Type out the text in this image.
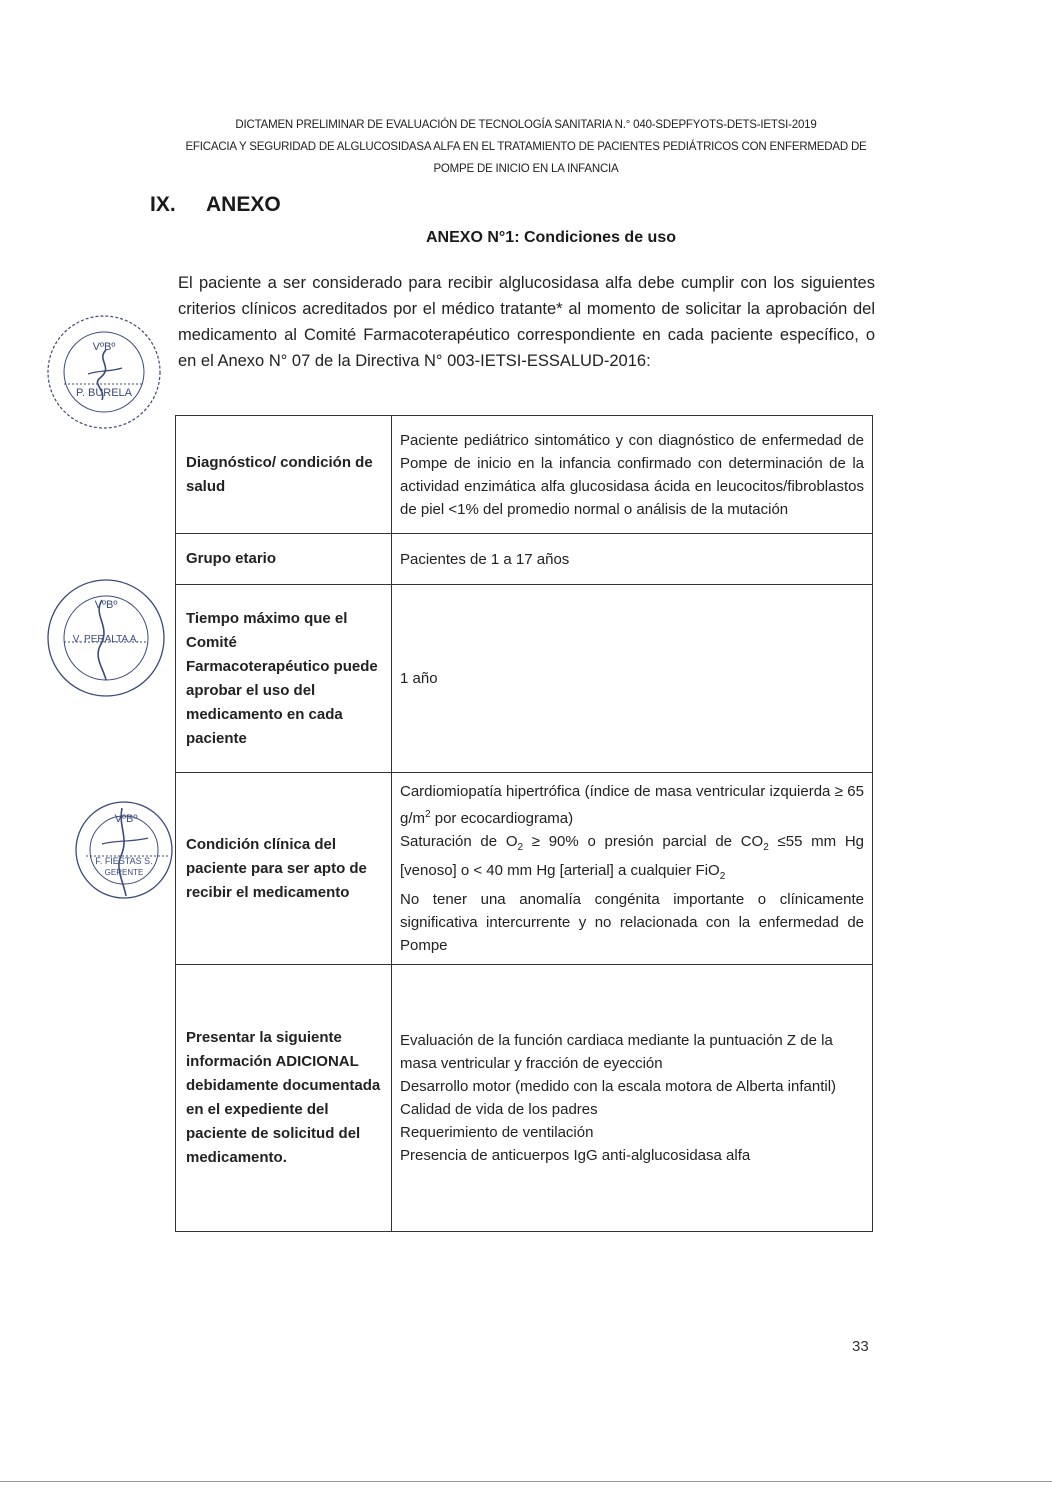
DICTAMEN PRELIMINAR DE EVALUACIÓN DE TECNOLOGÍA SANITARIA N.° 040-SDEPFYOTS-DETS-IETSI-2019
EFICACIA Y SEGURIDAD DE ALGLUCOSIDASA ALFA EN EL TRATAMIENTO DE PACIENTES PEDIÁTRICOS CON ENFERMEDAD DE
POMPE DE INICIO EN LA INFANCIA
IX. ANEXO
ANEXO N°1: Condiciones de uso
El paciente a ser considerado para recibir alglucosidasa alfa debe cumplir con los siguientes criterios clínicos acreditados por el médico tratante* al momento de solicitar la aprobación del medicamento al Comité Farmacoterapéutico correspondiente en cada paciente específico, o en el Anexo N° 07 de la Directiva N° 003-IETSI-ESSALUD-2016:
VºBº
P. BURELA
VºBº
V. PERALTA A.
VºBº
F. FIESTAS S.
GERENTE
Diagnóstico/ condición de salud	Paciente pediátrico sintomático y con diagnóstico de enfermedad de Pompe de inicio en la infancia confirmado con determinación de la actividad enzimática alfa glucosidasa ácida en leucocitos/fibroblastos de piel <1% del promedio normal o análisis de la mutación
Grupo etario	Pacientes de 1 a 17 años
Tiempo máximo que el Comité Farmacoterapéutico puede aprobar el uso del medicamento en cada paciente	1 año
Condición clínica del paciente para ser apto de recibir el medicamento	Cardiomiopatía hipertrófica (índice de masa ventricular izquierda ≥ 65 $g/m^2$ por ecocardiograma)
Saturación de $O_2 \ge 90\%$ o presión parcial de $CO_2 \le 55$ mm Hg [venoso] o < 40 mm Hg [arterial] a cualquier FiO$_2$
No tener una anomalía congénita importante o clínicamente significativa intercurrente y no relacionada con la enfermedad de Pompe

Presentar la siguiente información ADICIONAL debidamente documentada en el expediente del paciente de solicitud del medicamento.	Evaluación de la función cardiaca mediante la puntuación Z de la masa ventricular y fracción de eyección
Desarrollo motor (medido con la escala motora de Alberta infantil)
Calidad de vida de los padres
Requerimiento de ventilación
Presencia de anticuerpos IgG anti-alglucosidasa alfa
33
